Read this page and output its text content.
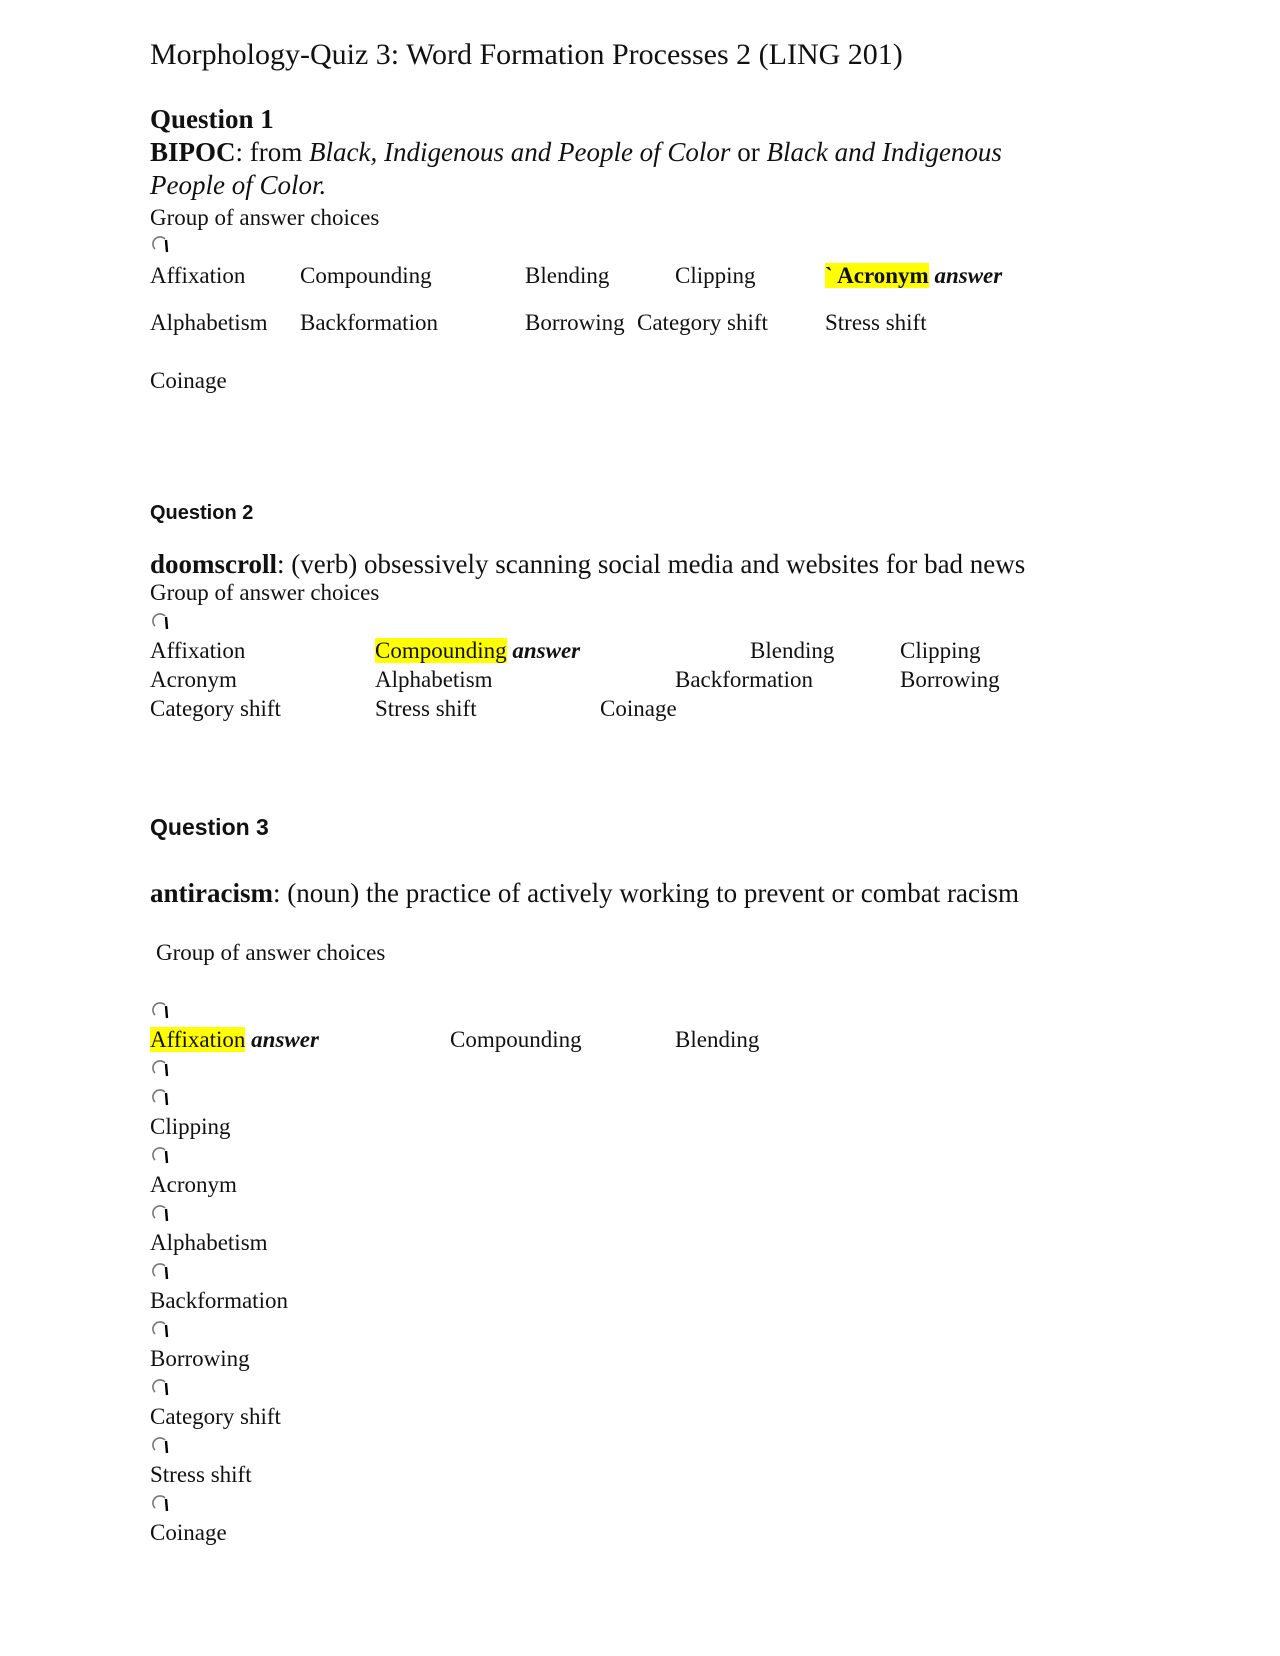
Morphology-Quiz 3: Word Formation Processes 2 (LING 201)
Question 1
BIPOC: from Black, Indigenous and People of Color or Black and Indigenous
People of Color.
Group of answer choices
Affixation Compounding	Blending	Clipping	` Acronym answer
Alphabetism Backformation	Borrowing Category shift Stress shift
Coinage
Question 2
doomscroll: (verb) obsessively scanning social media and websites for bad news
Group of answer choices
Affixation	Compounding answer	Blending	Clipping
Acronym	Alphabetism	Backformation	Borrowing
Category shift	Stress shift	Coinage
Question 3
antiracism: (noun) the practice of actively working to prevent or combat racism
Group of answer choices
Affixation answer	Compounding	Blending
Clipping
Acronym
Alphabetism
Backformation
Borrowing
Category shift
Stress shift
Coinage
